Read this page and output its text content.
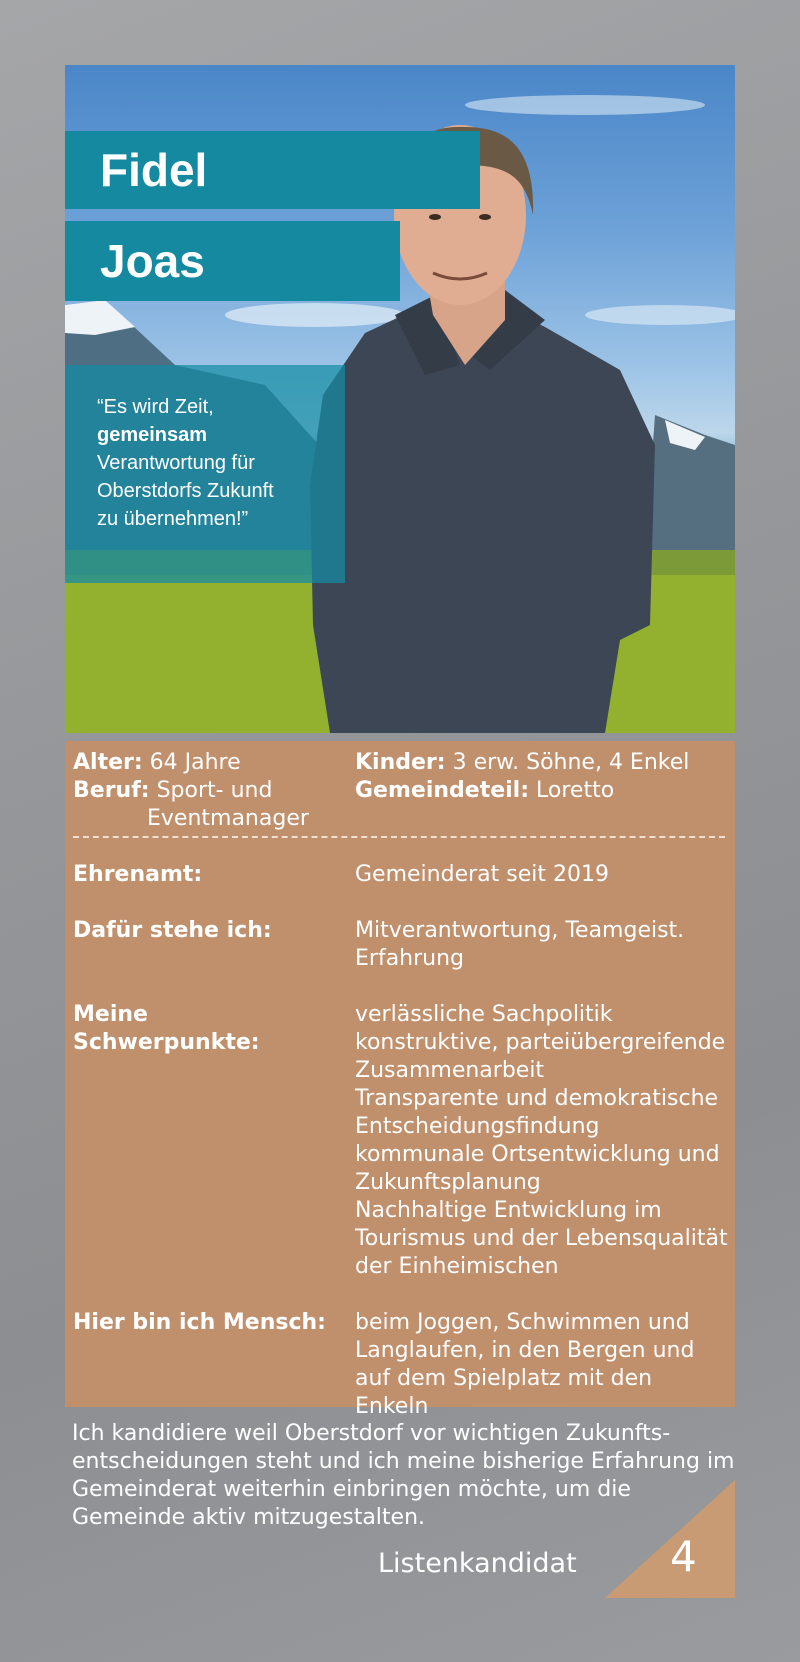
Fidel
Joas
“Es wird Zeit,
gemeinsam
Verantwortung für
Oberstdorfs Zukunft
zu übernehmen!”
Alter: 64 Jahre
Beruf: Sport- und
Eventmanager
Kinder: 3 erw. Söhne, 4 Enkel
Gemeindeteil: Loretto
Ehrenamt:	Gemeinderat seit 2019
Dafür stehe ich:	Mitverantwortung, Teamgeist.
Erfahrung
Meine
Schwerpunkte:
verlässliche Sachpolitik
konstruktive, parteiübergreifende
Zusammenarbeit
Transparente und demokratische
Entscheidungsfindung
kommunale Ortsentwicklung und
Zukunftsplanung
Nachhaltige Entwicklung im
Tourismus und der Lebensqualität
der Einheimischen
Hier bin ich Mensch: beim Joggen, Schwimmen und
Langlaufen, in den Bergen und
auf dem Spielplatz mit den Enkeln
Ich kandidiere weil Oberstdorf vor wichtigen Zukunfts-
entscheidungen steht und ich meine bisherige Erfahrung im
Gemeinderat weiterhin einbringen möchte, um die
Gemeinde aktiv mitzugestalten.
Listenkandidat 4
